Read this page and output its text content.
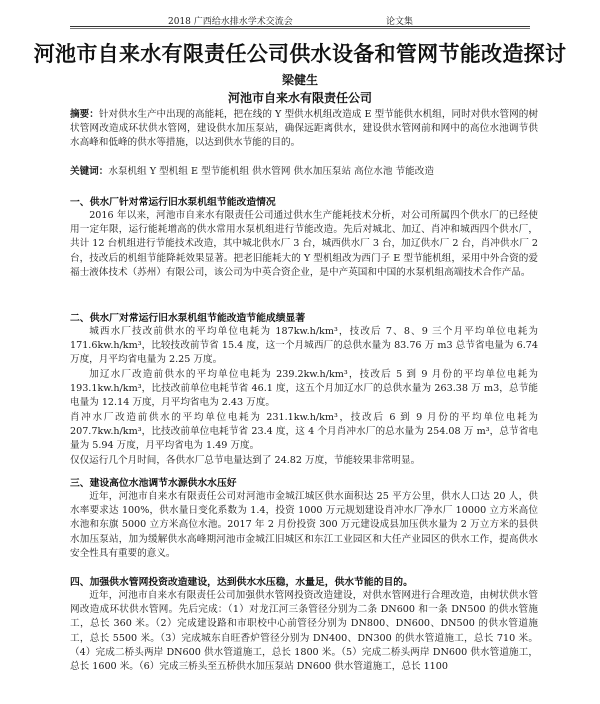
2018 广西给水排水学术交流会	论文集
河池市自来水有限责任公司供水设备和管网节能改造探讨
梁健生
河池市自来水有限责任公司
摘要：针对供水生产中出现的高能耗，把在线的 Y 型供水机组改造成 E 型节能供水机组，同时对供水管网的树状管网改造成环状供水管网，建设供水加压泵站，确保远距离供水，建设供水管网前和网中的高位水池调节供水高峰和低峰的供水等措施，以达到供水节能的目的。
关键词：水泵机组 Y 型机组 E 型节能机组 供水管网 供水加压泵站 高位水池 节能改造
一、供水厂针对常运行旧水泵机组节能改造情况
2016 年以来，河池市自来水有限责任公司通过供水生产能耗技术分析，对公司所属四个供水厂的已经使用一定年限，运行能耗增高的供水常用水泵机组进行节能改造。先后对城北、加辽、肖冲和城西四个供水厂，共计 12 台机组进行节能技术改造，其中城北供水厂 3 台，城西供水厂 3 台，加辽供水厂 2 台，肖冲供水厂 2 台，技改后的机组节能降耗效果显著。把老旧能耗大的 Y 型机组改为西门子 E 型节能机组，采用中外合资的爱福士液体技术（苏州）有限公司，该公司为中英合资企业，是中产英国和中国的水泵机组高端技术合作产品。
二、供水厂对常运行旧水泵机组节能改造节能成绩显著
城西水厂技改前供水的平均单位电耗为 187kw.h/km³，技改后 7、8、9 三个月平均单位电耗为 171.6kw.h/km³，比较技改前节省 15.4 度，这一个月城西厂的总供水量为 83.76 万 m3 总节省电量为 6.74 万度，月平均省电量为 2.25 万度。
加辽水厂改造前供水的平均单位电耗为 239.2kw.h/km³，技改后 5 到 9 月份的平均单位电耗为 193.1kw.h/km³，比技改前单位电耗节省 46.1 度，这五个月加辽水厂的总供水量为 263.38 万 m3，总节能电量为 12.14 万度，月平均省电为 2.43 万度。
肖冲水厂改造前供水的平均单位电耗为 231.1kw.h/km³，技改后 6 到 9 月份的平均单位电耗为 207.7kw.h/km³，比技改前单位电耗节省 23.4 度，这 4 个月肖冲水厂的总水量为 254.08 万 m³，总节省电量为 5.94 万度，月平均省电为 1.49 万度。
仅仅运行几个月时间，各供水厂总节电量达到了 24.82 万度，节能较果非常明显。
三、建设高位水池调节水源供水水压好
近年，河池市自来水有限责任公司对河池市金城江城区供水面积达 25 平方公里，供水人口达 20 人，供水率要求达 100%，供水量日变化系数为 1.4，投资 1000 万元规划建设肖冲水厂净水厂 10000 立方米高位水池和东旗 5000 立方米高位水池。2017 年 2 月份投资 300 万元建设成县加压供水量为 2 万立方米的县供水加压泵站，加为缓解供水高峰期河池市金城江旧城区和东江工业园区和大任产业园区的供水工作，提高供水安全性具有重要的意义。
四、加强供水管网投资改造建设，达到供水水压稳，水量足，供水节能的目的。
近年，河池市自来水有限责任公司加强供水管网投资改造建设，对供水管网进行合理改造，由树状供水管网改造成环状供水管网。先后完成：（1）对龙江河三条管径分别为二条 DN600 和一条 DN500 的供水管施工，总长 360 米。（2）完成建设路和市职校中心前管径分别为 DN800、DN600、DN500 的供水管道施工，总长 5500 米。（3）完成城东自旺香炉管径分别为 DN400、DN300 的供水管道施工，总长 710 米。（4）完成二桥头两岸 DN600 供水管道施工，总长 1800 米。（5）完成二桥头两岸 DN600 供水管道施工，总长 1600 米。（6）完成三桥头至五桥供水加压泵站 DN600 供水管道施工，总长 1100
